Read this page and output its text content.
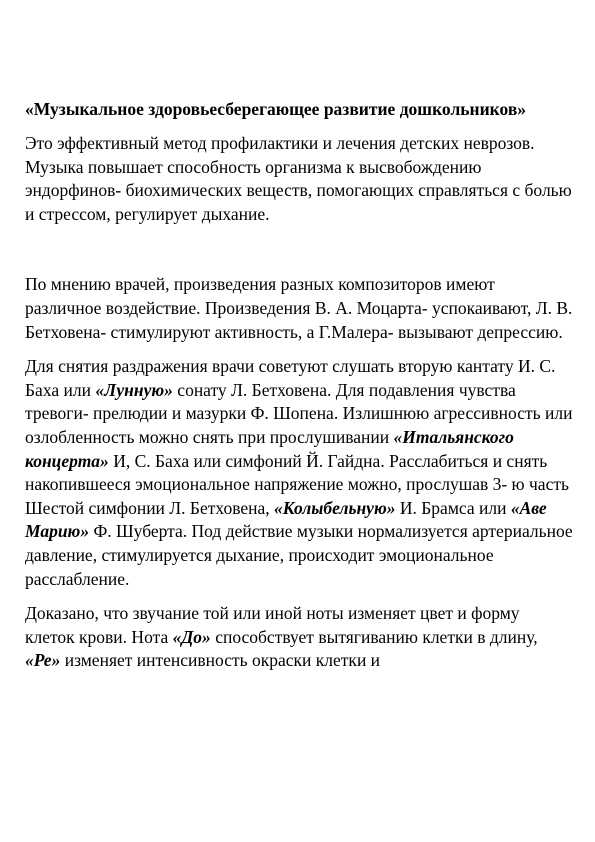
«Музыкальное здоровьесберегающее развитие дошкольников»
Это эффективный метод профилактики и лечения детских неврозов. Музыка повышает способность организма к высвобождению эндорфинов- биохимических веществ, помогающих справляться с болью и стрессом, регулирует дыхание.
По мнению врачей, произведения разных композиторов имеют различное воздействие. Произведения В. А. Моцарта- успокаивают, Л. В. Бетховена- стимулируют активность, а Г.Малера- вызывают депрессию.
Для снятия раздражения врачи советуют слушать вторую кантату И. С. Баха или «Лунную» сонату Л. Бетховена. Для подавления чувства тревоги- прелюдии и мазурки Ф. Шопена. Излишнюю агрессивность или озлобленность можно снять при прослушивании «Итальянского концерта» И, С. Баха или симфоний Й. Гайдна. Расслабиться и снять накопившееся эмоциональное напряжение можно, прослушав 3- ю часть Шестой симфонии Л. Бетховена, «Колыбельную» И. Брамса или «Аве Марию» Ф. Шуберта. Под действие музыки нормализуется артериальное давление, стимулируется дыхание, происходит эмоциональное расслабление.
Доказано, что звучание той или иной ноты изменяет цвет и форму клеток крови. Нота «До» способствует вытягиванию клетки в длину, «Ре» изменяет интенсивность окраски клетки и
